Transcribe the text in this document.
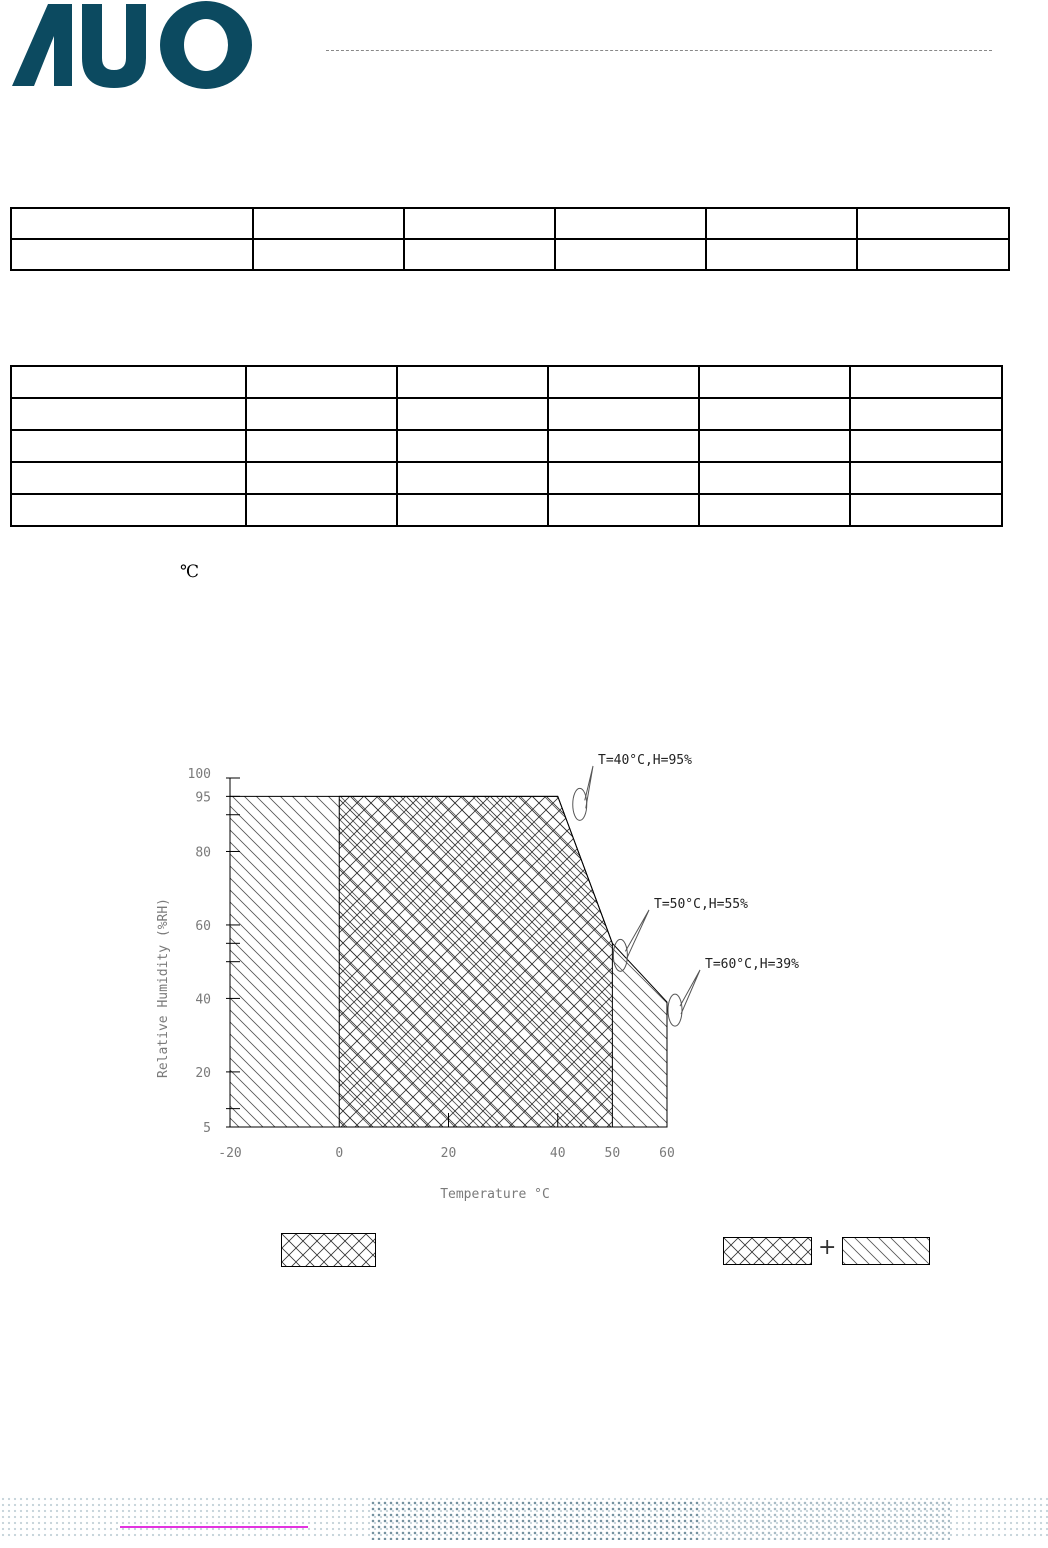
℃
100
95
80
60
40
20
5
-20	0	20	40	50	60
T=40°C,H=95%
T=50°C,H=55%
T=60°C,H=39%
Temperature °C
Relative Humidity (%RH)
+
